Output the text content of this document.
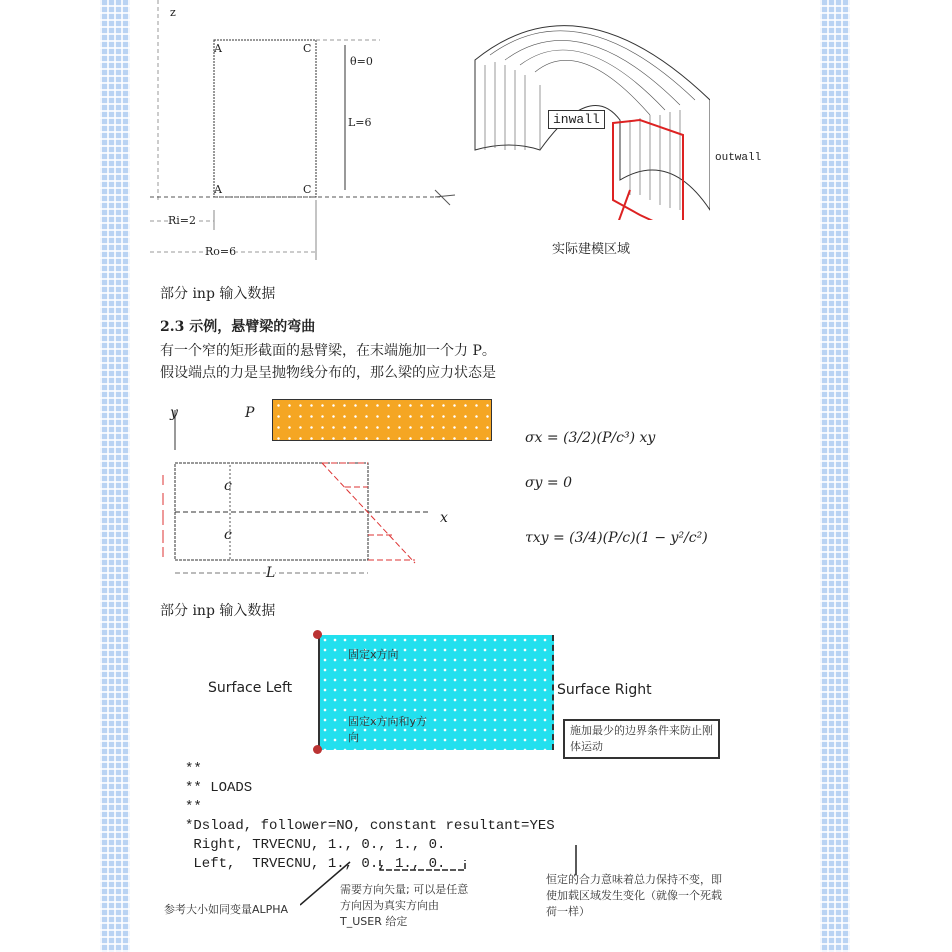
z
A	C
A	C
L=6
θ=0
Ri=2
Ro=6
inwall
outwall
实际建模区域
部分 inp 输入数据
2.3 示例，悬臂梁的弯曲
有一个窄的矩形截面的悬臂梁，在末端施加一个力 P。
假设端点的力是呈抛物线分布的，那么梁的应力状态是
y	P
x
c
c
L
σx = (3/2)(P/c³) xy
σy = 0
τxy = (3/4)(P/c)(1 − y²/c²)
部分 inp 输入数据
固定x方向
固定x方向和y方向
Surface Left	Surface Right
施加最少的边界条件来防止刚体运动
**
** LOADS
**
*Dsload, follower=NO, constant resultant=YES
Right, TRVECNU, 1., 0., 1., 0.
Left,  TRVECNU, 1., 0., 1., 0.
参考大小如同变量ALPHA
需要方向矢量; 可以是任意方向因为真实方向由 T_USER 给定
恒定的合力意味着总力保持不变，即使加载区域发生变化（就像一个死载荷一样）
